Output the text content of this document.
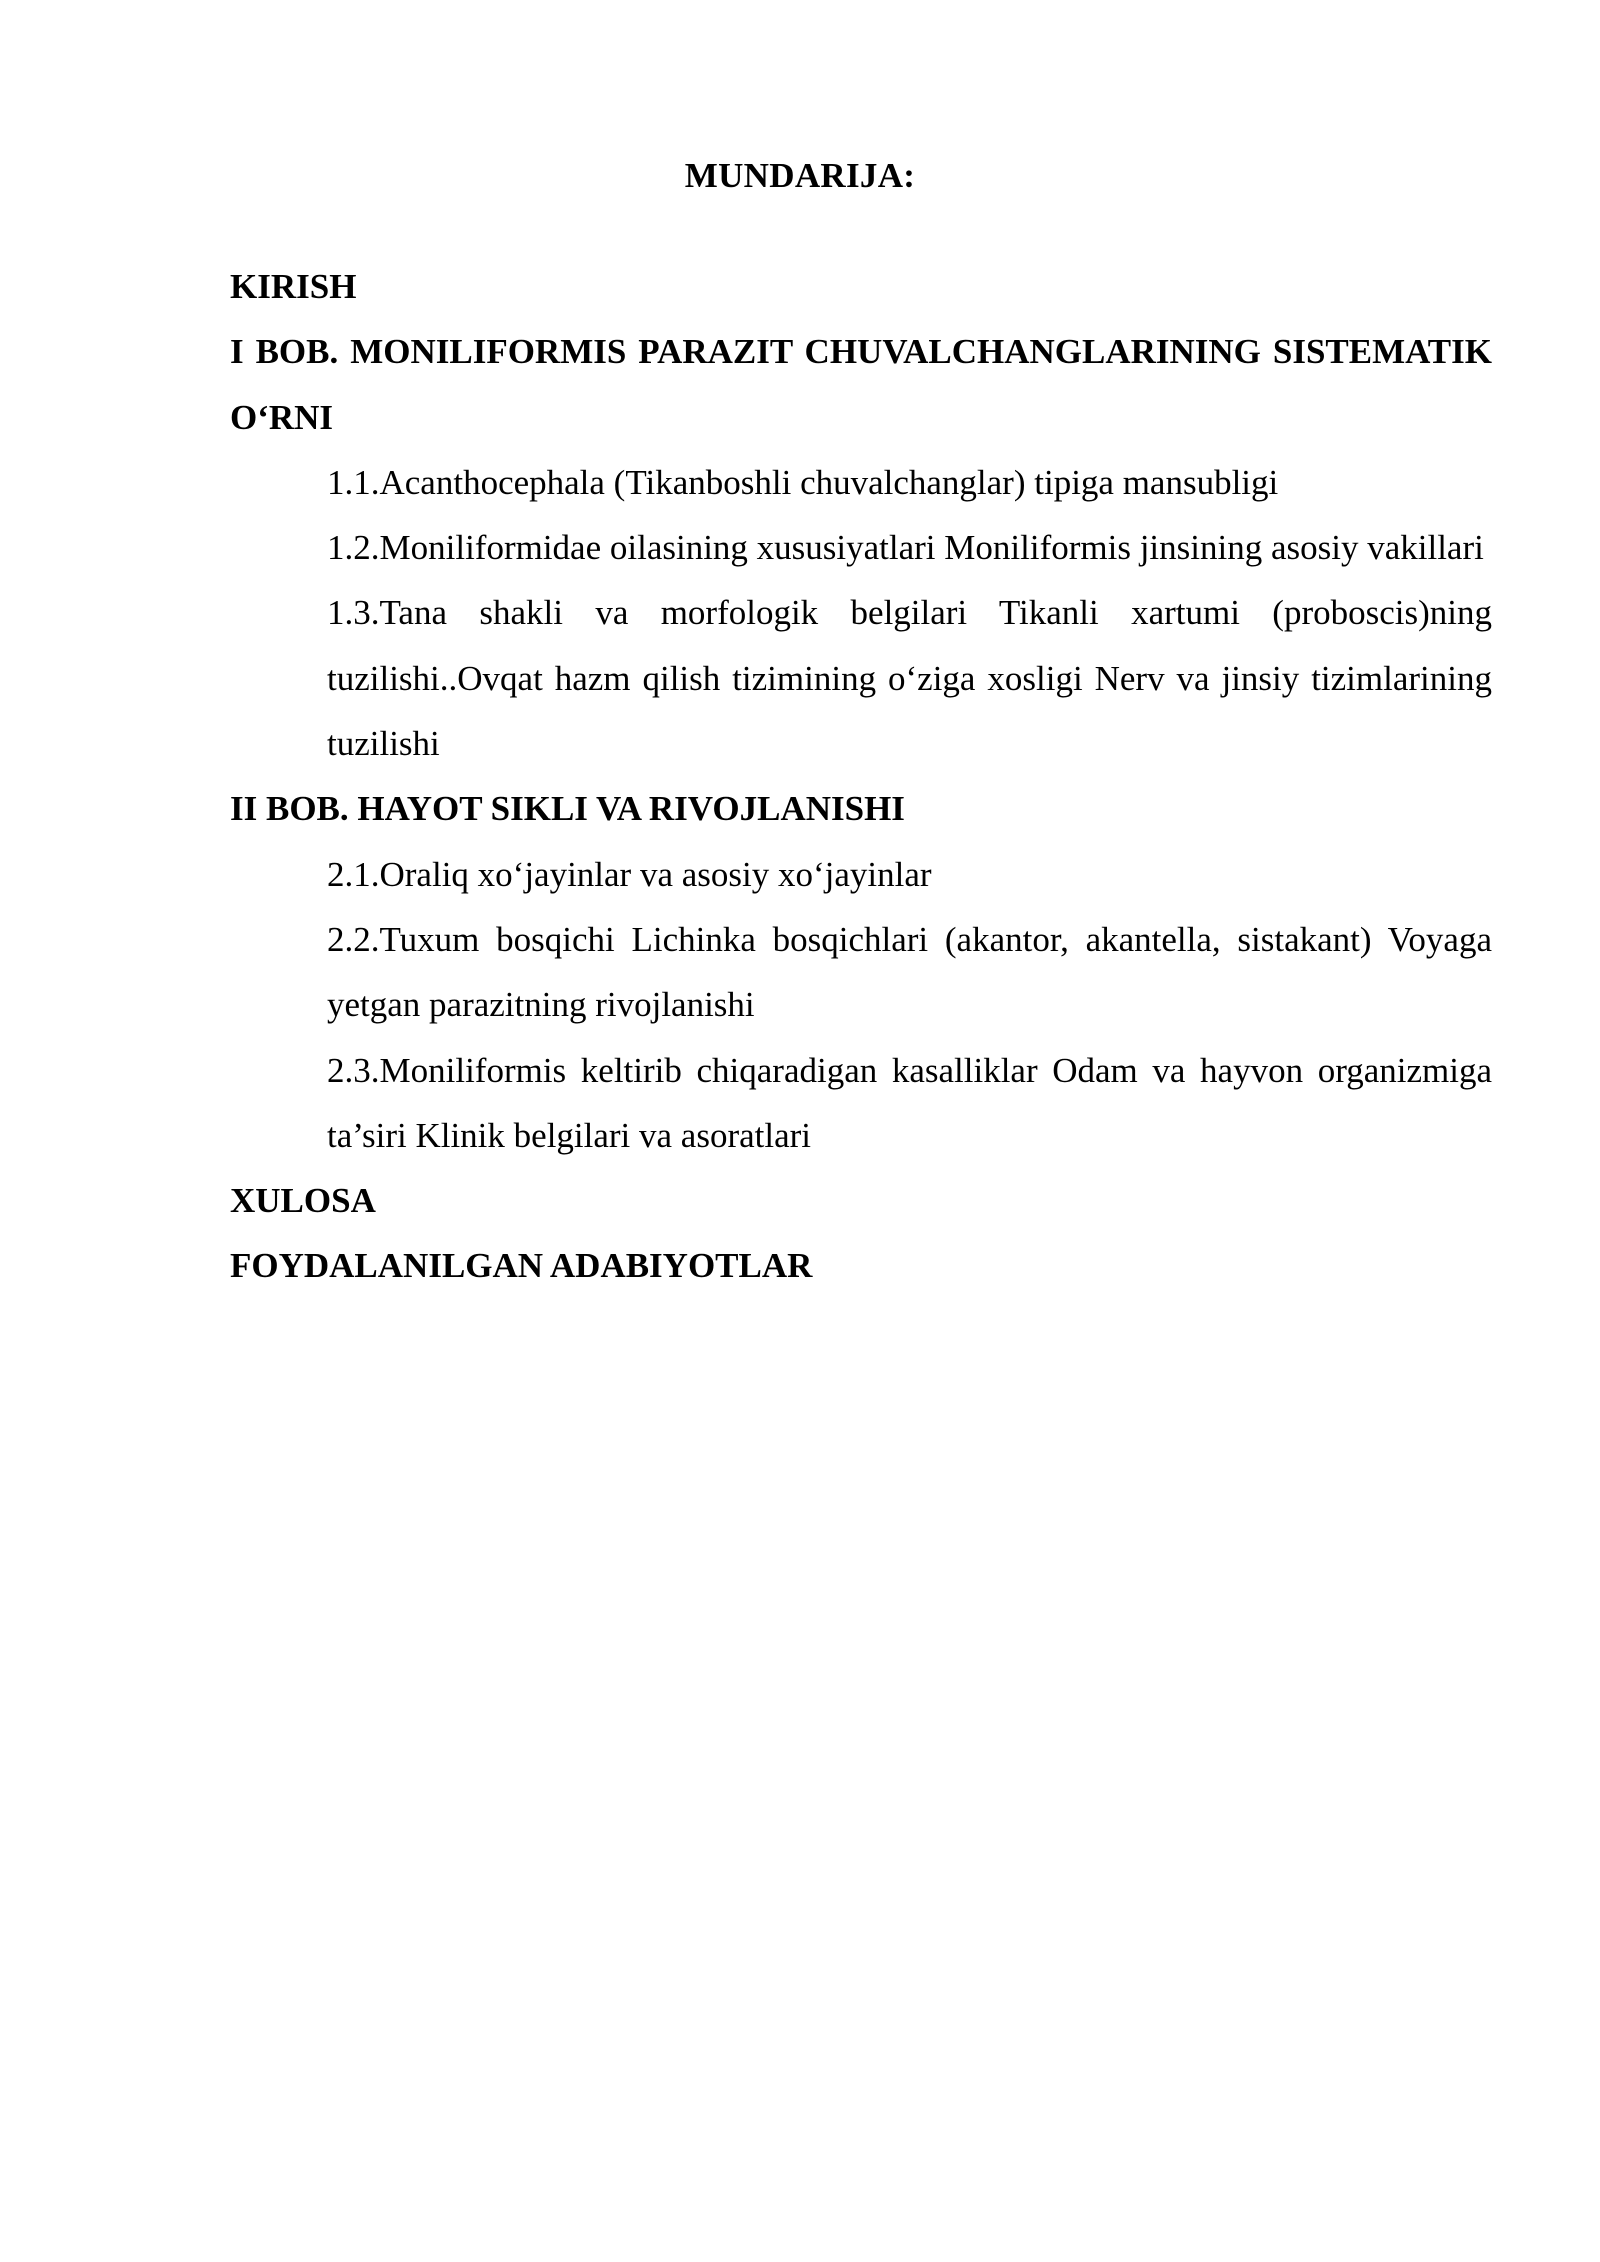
MUNDARIJA:

KIRISH

I BOB. MONILIFORMIS PARAZIT CHUVALCHANGLARINING SISTEMATIK O‘RNI

1.1.Acanthocephala (Tikanboshli chuvalchanglar) tipiga mansubligi

1.2.Moniliformidae oilasining xususiyatlari Moniliformis jinsining asosiy vakillari

1.3.Tana shakli va morfologik belgilari Tikanli xartumi (proboscis)ning tuzilishi..Ovqat hazm qilish tizimining o‘ziga xosligi Nerv va jinsiy tizimlarining tuzilishi

II BOB. HAYOT SIKLI VA RIVOJLANISHI

2.1.Oraliq xo‘jayinlar va asosiy xo‘jayinlar

2.2.Tuxum bosqichi Lichinka bosqichlari (akantor, akantella, sistakant) Voyaga yetgan parazitning rivojlanishi

2.3.Moniliformis keltirib chiqaradigan kasalliklar Odam va hayvon organizmiga ta’siri Klinik belgilari va asoratlari

XULOSA

FOYDALANILGAN ADABIYOTLAR
